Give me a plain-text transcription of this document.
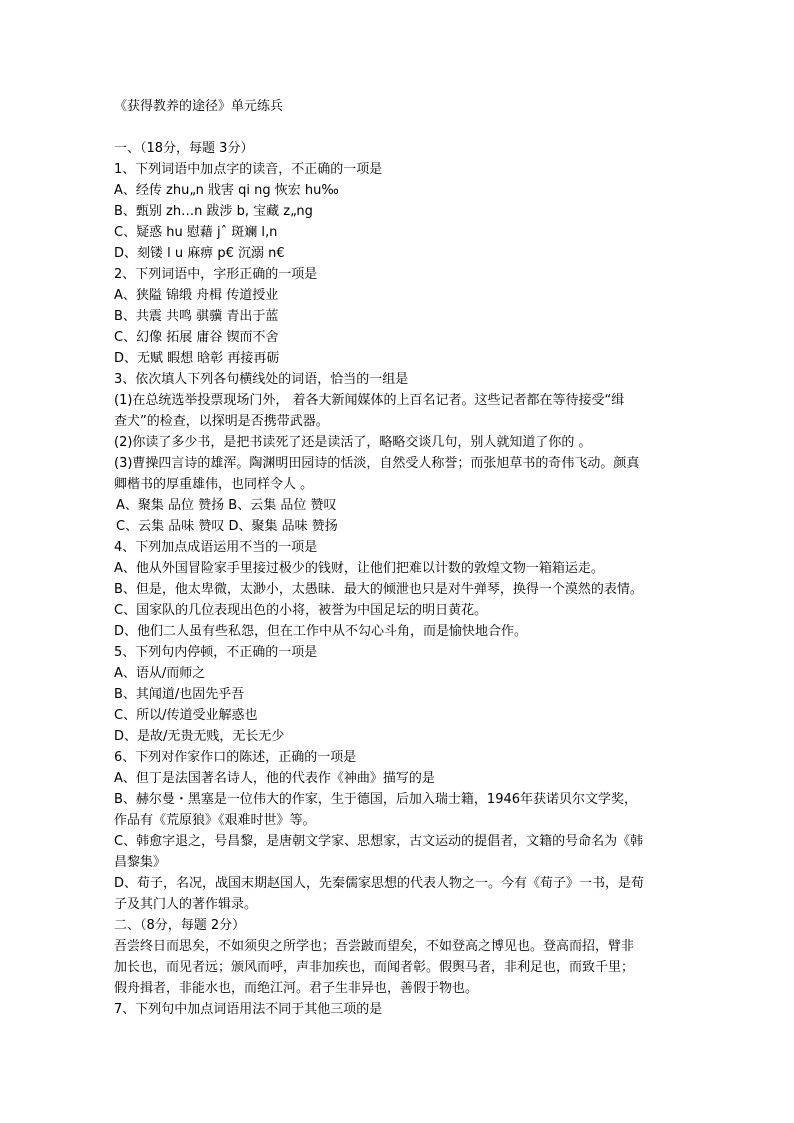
《获得教养的途径》单元练兵
一、（18分，每题 3分）
1、下列词语中加点字的读音，不正确的一项是
A、经传 zhu„n 戕害 qi ng 恢宏 hu‰
B、甄别 zh…n 跋涉 b, 宝藏 z„ng
C、疑惑 hu 慰藉 jˆ 斑斓 l‚n
D、刻镂 l u 麻痹 p€ 沉溺 n€
2、下列词语中，字形正确的一项是
A、狭隘 锦缎 舟楫 传道授业
B、共震 共鸣 骐骥 青出于蓝
C、幻像 拓展 庸谷 锲而不舍
D、无赋 睱想 晗彰 再接再砺
3、依次填人下列各句横线处的词语，恰当的一组是
(1)在总统选举投票现场门外， 着各大新闻媒体的上百名记者。这些记者都在等待接受“缉
查犬”的检查，以探明是否携带武器。
(2)你读了多少书，是把书读死了还是读活了，略略交谈几句，别人就知道了你的 。
(3)曹操四言诗的雄浑。陶渊明田园诗的恬淡，自然受人称誉；而张旭草书的奇伟飞动。颜真
卿楷书的厚重雄伟，也同样令人 。
A、聚集 品位 赞扬 B、云集 品位 赞叹
C、云集 品味 赞叹 D、聚集 品味 赞扬
4、下列加点成语运用不当的一项是
A、他从外国冒险家手里接过极少的钱财，让他们把难以计数的敦煌文物一箱箱运走。
B、但是，他太卑微，太渺小，太愚昧．最大的倾泄也只是对牛弹琴，换得一个漠然的表情。
C、国家队的几位表现出色的小将，被誉为中国足坛的明日黄花。
D、他们二人虽有些私怨，但在工作中从不勾心斗角，而是愉快地合作。
5、下列句内停顿，不正确的一项是
A、语从/而师之
B、其闻道/也固先乎吾
C、所以/传道受业解惑也
D、是故/无贵无贱，无长无少
6、下列对作家作口的陈述，正确的一项是
A、但丁是法国著名诗人，他的代表作《神曲》描写的是
B、赫尔曼・黑塞是一位伟大的作家，生于德国，后加入瑞士籍，1946年获诺贝尔文学奖，
作品有《荒原狼》《艰难时世》等。
C、韩愈字退之，号昌黎，是唐朝文学家、思想家，古文运动的提倡者，文籍的号命名为《韩
昌黎集》
D、荀子，名况，战国末期赵国人，先秦儒家思想的代表人物之一。今有《荀子》一书，是荀
子及其门人的著作辑录。
二、（8分，每题 2分）
吾尝终日而思矣，不如须臾之所学也；吾尝跛而望矣，不如登高之博见也。登高而招，臂非
加长也，而见者远；颁风而呼，声非加疾也，而闻者彰。假舆马者，非利足也，而致千里；
假舟揖者，非能水也，而绝江河。君子生非异也，善假于物也。
7、下列句中加点词语用法不同于其他三项的是
